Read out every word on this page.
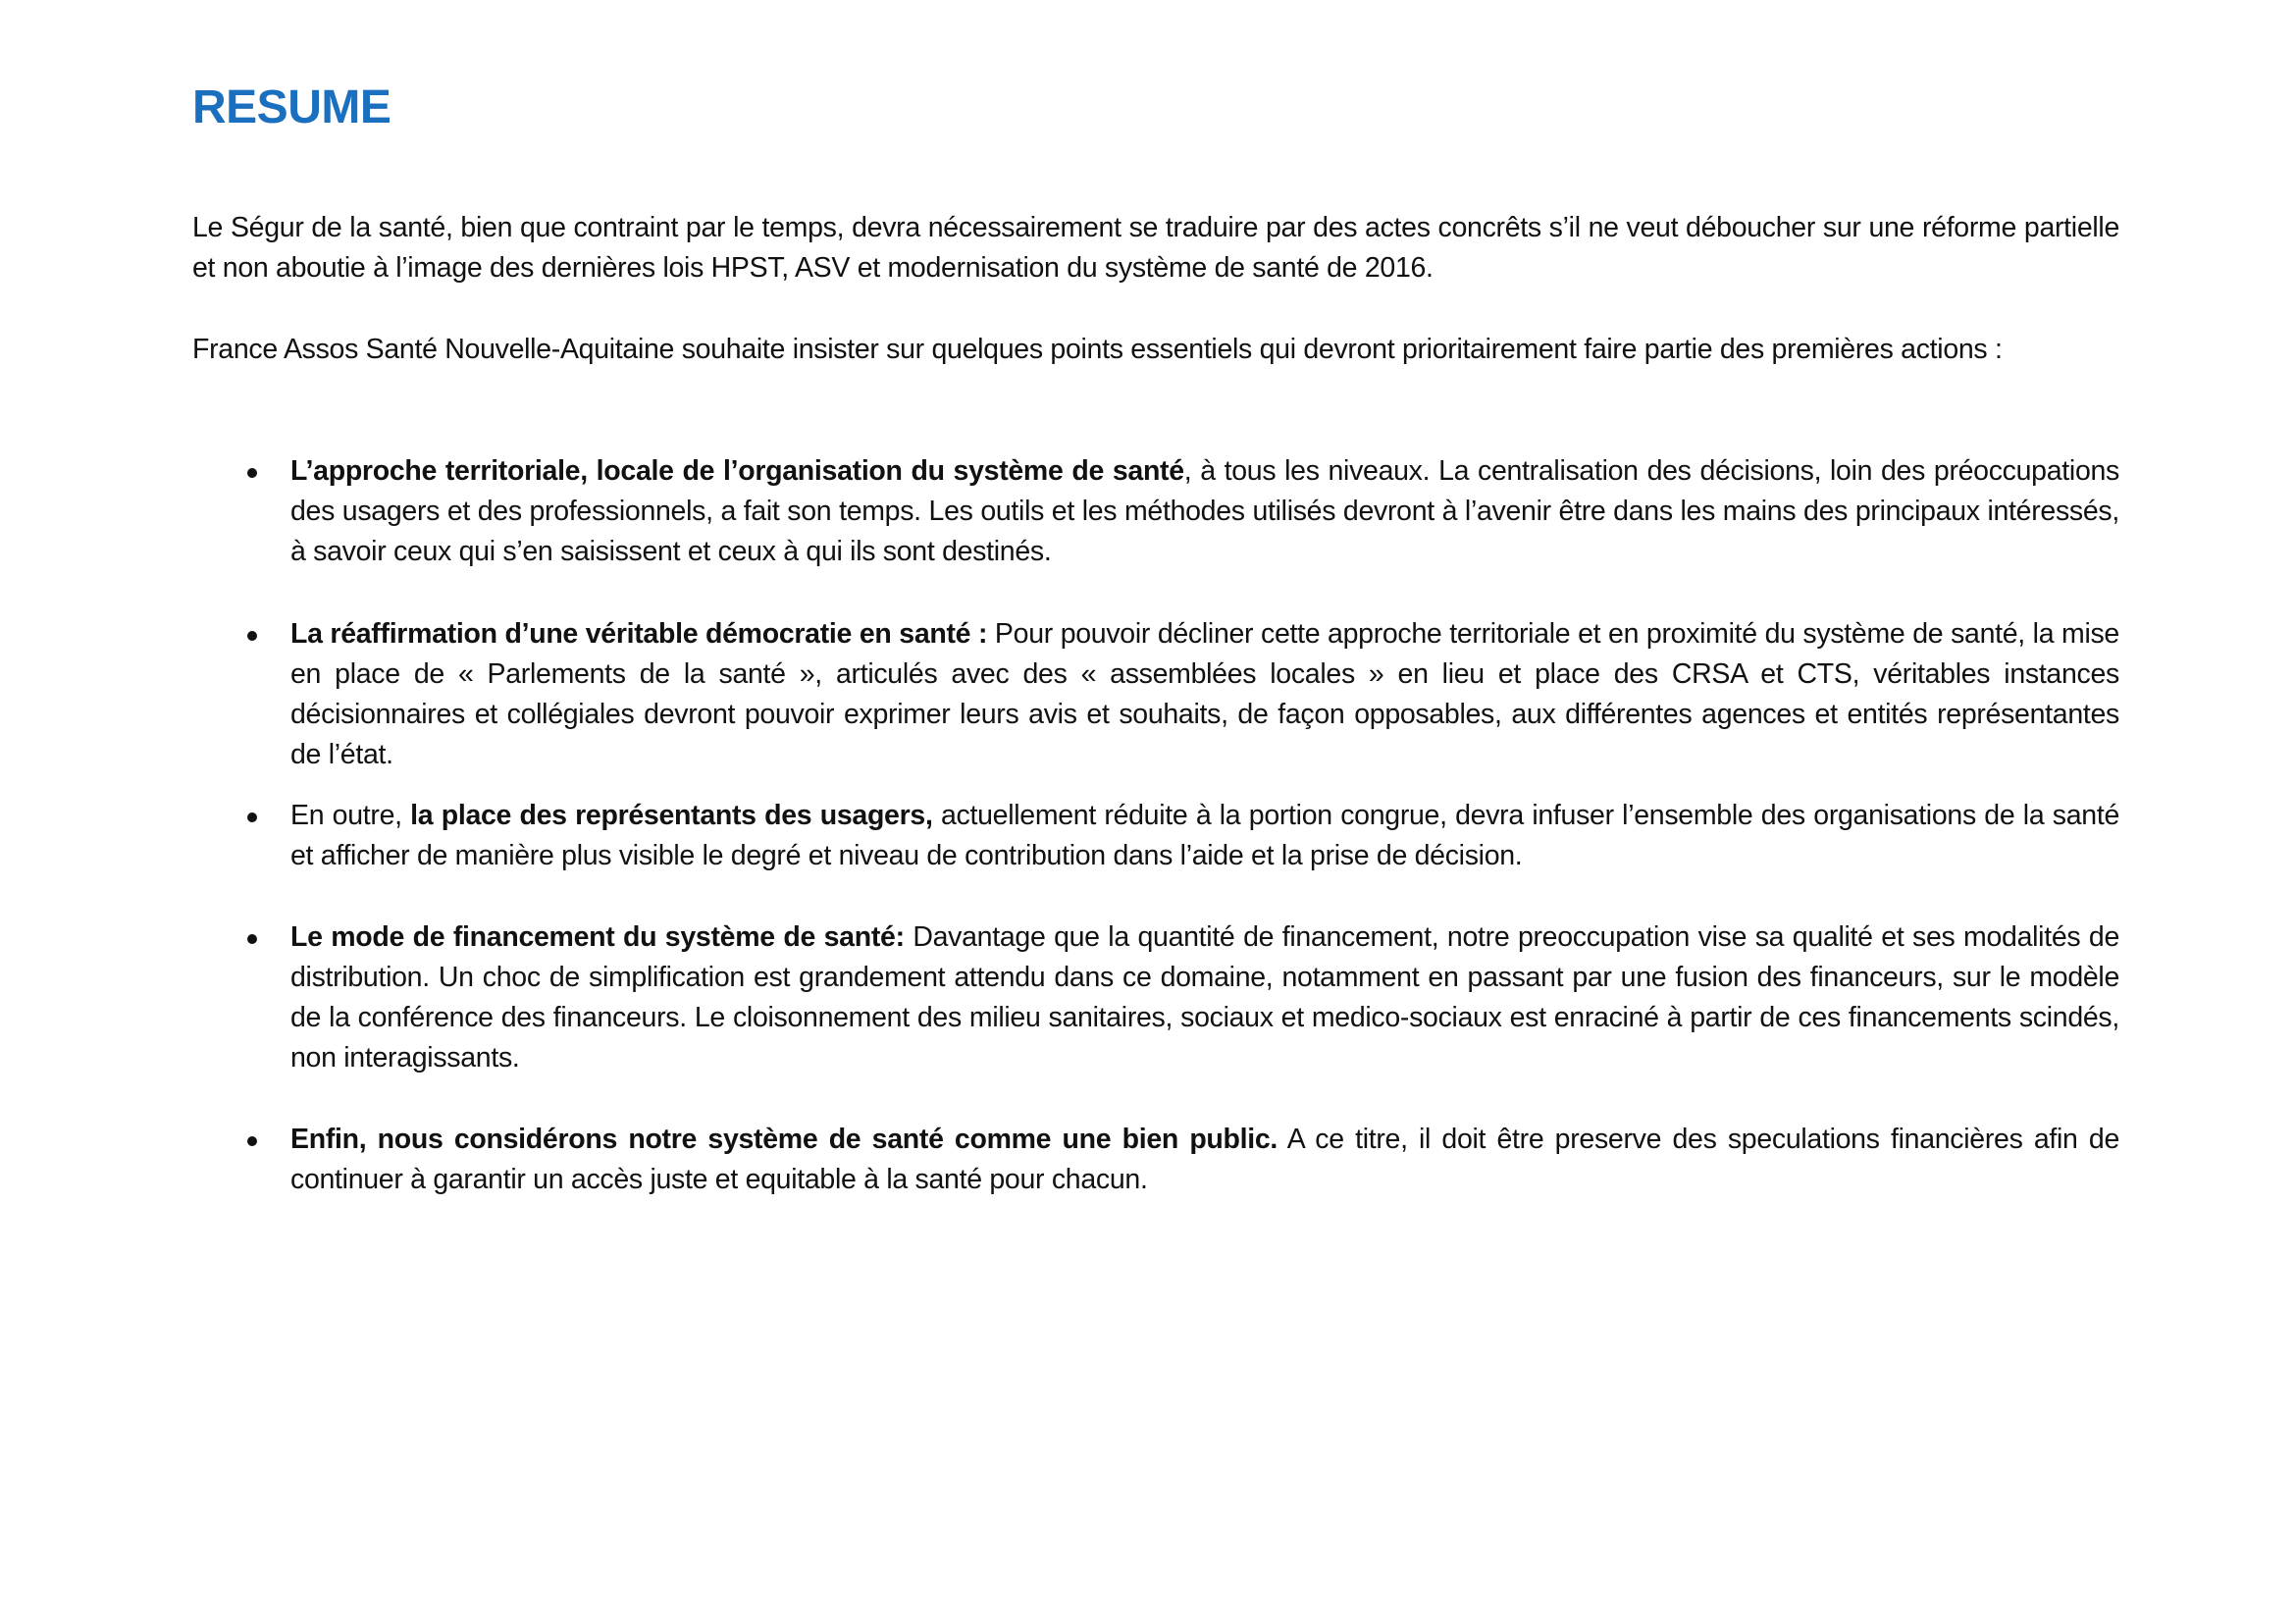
RESUME

Le Ségur de la santé, bien que contraint par le temps, devra nécessairement se traduire par des actes concrêts s’il ne veut déboucher sur une réforme partielle et non aboutie à l’image des dernières lois HPST, ASV et modernisation du système de santé de 2016.

France Assos Santé Nouvelle-Aquitaine souhaite insister sur quelques points essentiels qui devront prioritairement faire partie des premières actions :

L’approche territoriale, locale de l’organisation du système de santé, à tous les niveaux. La centralisation des décisions, loin des préoccupations des usagers et des professionnels, a fait son temps. Les outils et les méthodes utilisés devront à l’avenir être dans les mains des principaux intéressés, à savoir ceux qui s’en saisissent et ceux à qui ils sont destinés.

La réaffirmation d’une véritable démocratie en santé : Pour pouvoir décliner cette approche territoriale et en proximité du système de santé, la mise en place de « Parlements de la santé », articulés avec des « assemblées locales » en lieu et place des CRSA et CTS, véritables instances décisionnaires et collégiales devront pouvoir exprimer leurs avis et souhaits, de façon opposables, aux différentes agences et entités représentantes de l’état.

En outre, la place des représentants des usagers, actuellement réduite à la portion congrue, devra infuser l’ensemble des organisations de la santé et afficher de manière plus visible le degré et niveau de contribution dans l’aide et la prise de décision.

Le mode de financement du système de santé: Davantage que la quantité de financement, notre preoccupation vise sa qualité et ses modalités de distribution. Un choc de simplification est grandement attendu dans ce domaine, notamment en passant par une fusion des financeurs, sur le modèle de la conférence des financeurs. Le cloisonnement des milieu sanitaires, sociaux et medico-sociaux est enraciné à partir de ces financements scindés, non interagissants.

Enfin, nous considérons notre système de santé comme une bien public. A ce titre, il doit être preserve des speculations financières afin de continuer à garantir un accès juste et equitable à la santé pour chacun.
